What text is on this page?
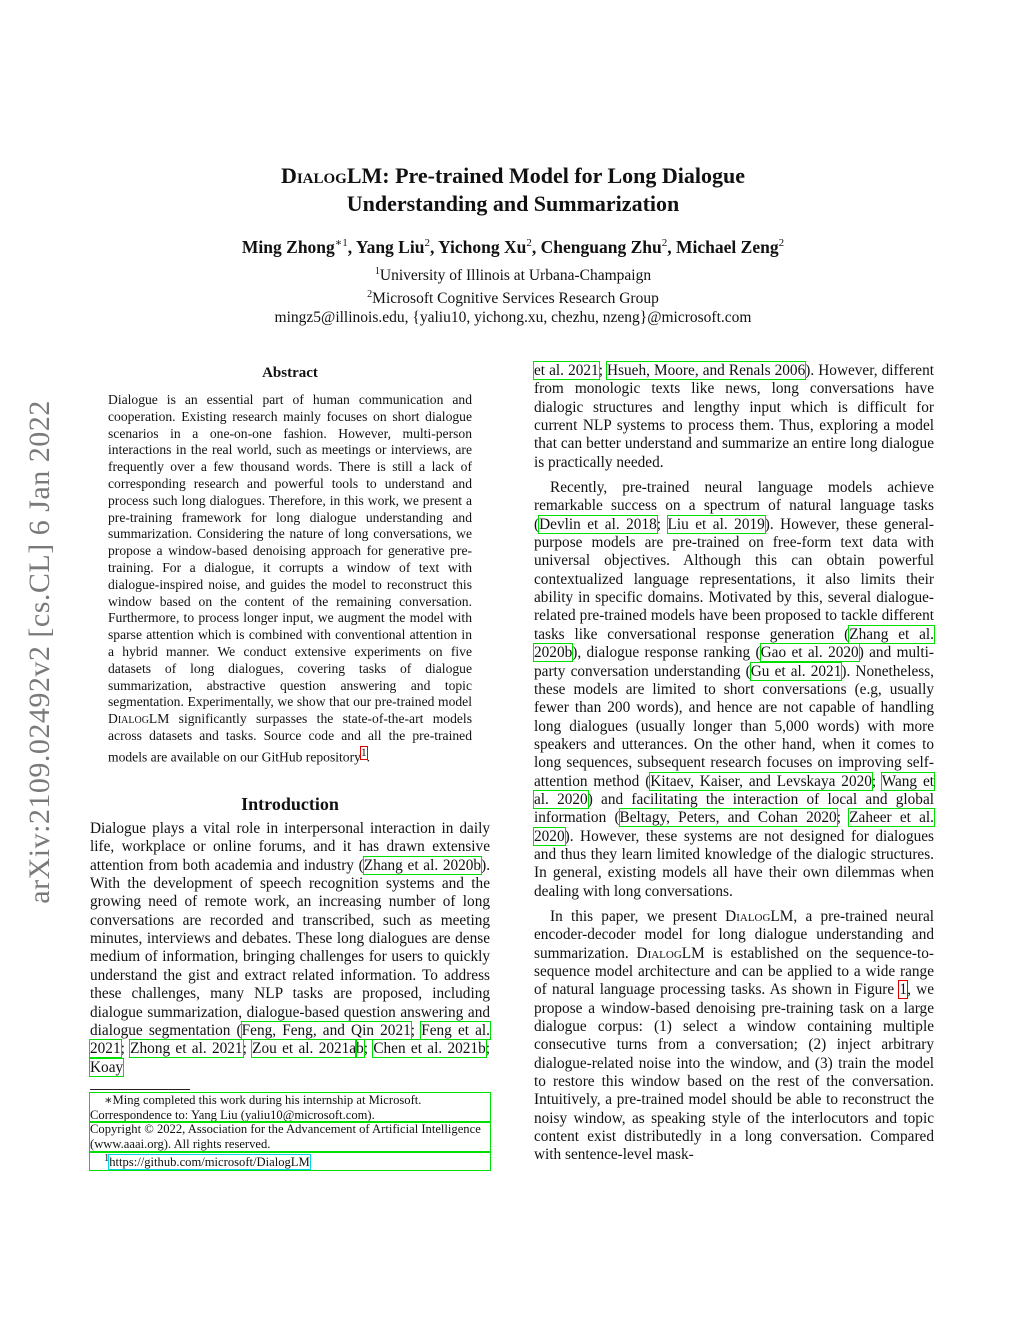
arXiv:2109.02492v2 [cs.CL] 6 Jan 2022
DialogLM: Pre-trained Model for Long Dialogue
Understanding and Summarization
Ming Zhong$^{∗1}$, Yang Liu$^2$, Yichong Xu$^2$, Chenguang Zhu$^2$, Michael Zeng$^2$
$^1$University of Illinois at Urbana-Champaign
$^2$Microsoft Cognitive Services Research Group
mingz5@illinois.edu, {yaliu10, yichong.xu, chezhu, nzeng}@microsoft.com
Abstract

Dialogue is an essential part of human communication and cooperation. Existing research mainly focuses on short dialogue scenarios in a one-on-one fashion. However, multi-person interactions in the real world, such as meetings or interviews, are frequently over a few thousand words. There is still a lack of corresponding research and powerful tools to understand and process such long dialogues. Therefore, in this work, we present a pre-training framework for long dialogue understanding and summarization. Considering the nature of long conversations, we propose a window-based denoising approach for generative pre-training. For a dialogue, it corrupts a window of text with dialogue-inspired noise, and guides the model to reconstruct this window based on the content of the remaining conversation. Furthermore, to process longer input, we augment the model with sparse attention which is combined with conventional attention in a hybrid manner. We conduct extensive experiments on five datasets of long dialogues, covering tasks of dialogue summarization, abstractive question answering and topic segmentation. Experimentally, we show that our pre-trained model DialogLM significantly surpasses the state-of-the-art models across datasets and tasks. Source code and all the pre-trained models are available on our GitHub repository$^1$.

Introduction

Dialogue plays a vital role in interpersonal interaction in daily life, workplace or online forums, and it has drawn extensive attention from both academia and industry (Zhang et al. 2020b). With the development of speech recognition systems and the growing need of remote work, an increasing number of long conversations are recorded and transcribed, such as meeting minutes, interviews and debates. These long dialogues are dense medium of information, bringing challenges for users to quickly understand the gist and extract related information. To address these challenges, many NLP tasks are proposed, including dialogue summarization, dialogue-based question answering and dialogue segmentation (Feng, Feng, and Qin 2021; Feng et al. 2021; Zhong et al. 2021; Zou et al. 2021ab; Chen et al. 2021b; Koay

∗Ming completed this work during his internship at Microsoft. Correspondence to: Yang Liu (yaliu10@microsoft.com).

Copyright © 2022, Association for the Advancement of Artificial Intelligence (www.aaai.org). All rights reserved.

$^1$https://github.com/microsoft/DialogLM

et al. 2021; Hsueh, Moore, and Renals 2006). However, different from monologic texts like news, long conversations have dialogic structures and lengthy input which is difficult for current NLP systems to process them. Thus, exploring a model that can better understand and summarize an entire long dialogue is practically needed.

Recently, pre-trained neural language models achieve remarkable success on a spectrum of natural language tasks (Devlin et al. 2018; Liu et al. 2019). However, these general-purpose models are pre-trained on free-form text data with universal objectives. Although this can obtain powerful contextualized language representations, it also limits their ability in specific domains. Motivated by this, several dialogue-related pre-trained models have been proposed to tackle different tasks like conversational response generation (Zhang et al. 2020b), dialogue response ranking (Gao et al. 2020) and multi-party conversation understanding (Gu et al. 2021). Nonetheless, these models are limited to short conversations (e.g, usually fewer than 200 words), and hence are not capable of handling long dialogues (usually longer than 5,000 words) with more speakers and utterances. On the other hand, when it comes to long sequences, subsequent research focuses on improving self-attention method (Kitaev, Kaiser, and Levskaya 2020; Wang et al. 2020) and facilitating the interaction of local and global information (Beltagy, Peters, and Cohan 2020; Zaheer et al. 2020). However, these systems are not designed for dialogues and thus they learn limited knowledge of the dialogic structures. In general, existing models all have their own dilemmas when dealing with long conversations.

In this paper, we present DialogLM, a pre-trained neural encoder-decoder model for long dialogue understanding and summarization. DialogLM is established on the sequence-to-sequence model architecture and can be applied to a wide range of natural language processing tasks. As shown in Figure 1, we propose a window-based denoising pre-training task on a large dialogue corpus: (1) select a window containing multiple consecutive turns from a conversation; (2) inject arbitrary dialogue-related noise into the window, and (3) train the model to restore this window based on the rest of the conversation. Intuitively, a pre-trained model should be able to reconstruct the noisy window, as speaking style of the interlocutors and topic content exist distributedly in a long conversation. Compared with sentence-level mask-
